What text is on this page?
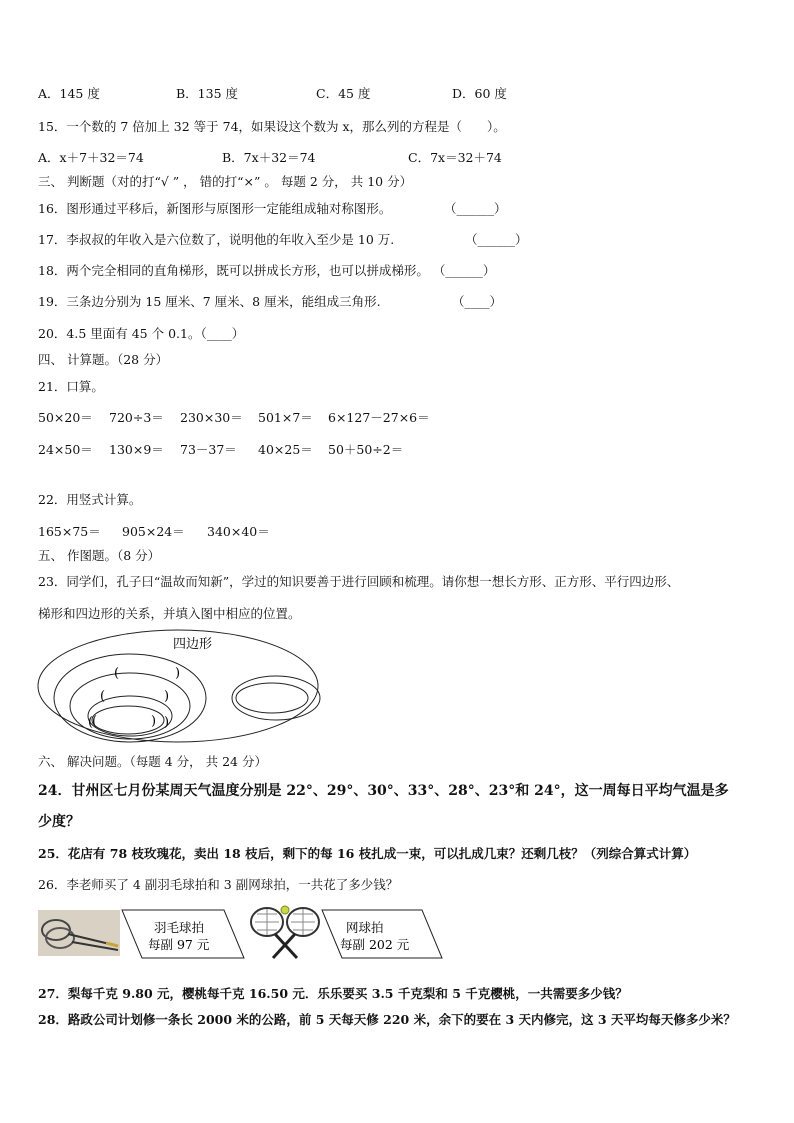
A．145 度	B．135 度	C．45 度	D．60 度
15．一个数的 7 倍加上 32 等于 74，如果设这个数为 x，那么列的方程是（　　）。
A．x＋7＋32＝74	B．7x＋32＝74	C．7x＝32＋74
三、 判断题（对的打“√ ” ， 错的打“×” 。 每题 2 分， 共 10 分）
16．图形通过平移后，新图形与原图形一定能组成轴对称图形。	（______）
17．李叔叔的年收入是六位数了，说明他的年收入至少是 10 万.	（______）
18．两个完全相同的直角梯形，既可以拼成长方形，也可以拼成梯形。 （______）
19．三条边分别为 15 厘米、7 厘米、8 厘米，能组成三角形.	（____）
20．4.5 里面有 45 个 0.1。（____）
四、 计算题。（28 分）
21．口算。
50×20＝ 720÷3＝ 230×30＝ 501×7＝ 6×127－27×6＝
24×50＝ 130×9＝ 73－37＝ 40×25＝ 50＋50÷2＝
22．用竖式计算。
165×75＝ 905×24＝ 340×40＝
五、 作图题。（8 分）
23．同学们，孔子曰“温故而知新”，学过的知识要善于进行回顾和梳理。请你想一想长方形、正方形、平行四边形、
梯形和四边形的关系，并填入图中相应的位置。
四边形
(	)
(	)
(	)
(	)
六、 解决问题。（每题 4 分， 共 24 分）
24．甘州区七月份某周天气温度分别是 22°、29°、30°、33°、28°、23°和 24°，这一周每日平均气温是多
少度？
25．花店有 78 枝玫瑰花，卖出 18 枝后，剩下的每 16 枝扎成一束，可以扎成几束？还剩几枝？（列综合算式计算）
26．李老师买了 4 副羽毛球拍和 3 副网球拍，一共花了多少钱？
羽毛球拍
每副 97 元
网球拍
每副 202 元
27．梨每千克 9.80 元，樱桃每千克 16.50 元．乐乐要买 3.5 千克梨和 5 千克樱桃，一共需要多少钱？
28．路政公司计划修一条长 2000 米的公路，前 5 天每天修 220 米，余下的要在 3 天内修完，这 3 天平均每天修多少米？
